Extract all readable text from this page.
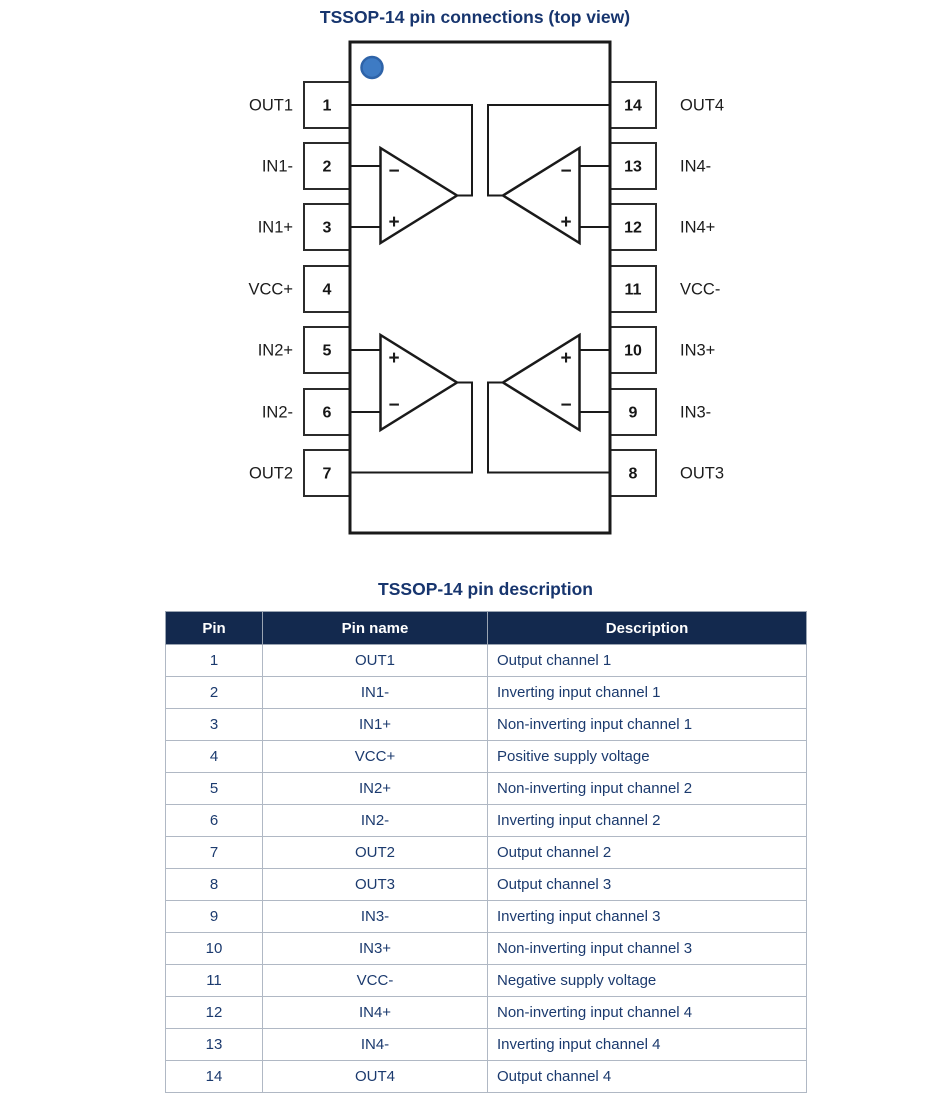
TSSOP-14 pin connections (top view)
−
+
−
+
+
−
+
−
1
OUT1
2
IN1-
3
IN1+
4
VCC+
5
IN2+
6
IN2-
7
OUT2
14 OUT4
13 IN4-
12 IN4+
11 VCC-
10 IN3+
9	IN3-
8	OUT3
TSSOP-14 pin description
Pin	Pin name	Description
1	OUT1	Output channel 1
2	IN1-	Inverting input channel 1
3	IN1+	Non-inverting input channel 1
4	VCC+	Positive supply voltage
5	IN2+	Non-inverting input channel 2
6	IN2-	Inverting input channel 2
7	OUT2	Output channel 2
8	OUT3	Output channel 3
9	IN3-	Inverting input channel 3
10	IN3+	Non-inverting input channel 3
11	VCC-	Negative supply voltage
12	IN4+	Non-inverting input channel 4
13	IN4-	Inverting input channel 4
14	OUT4	Output channel 4
